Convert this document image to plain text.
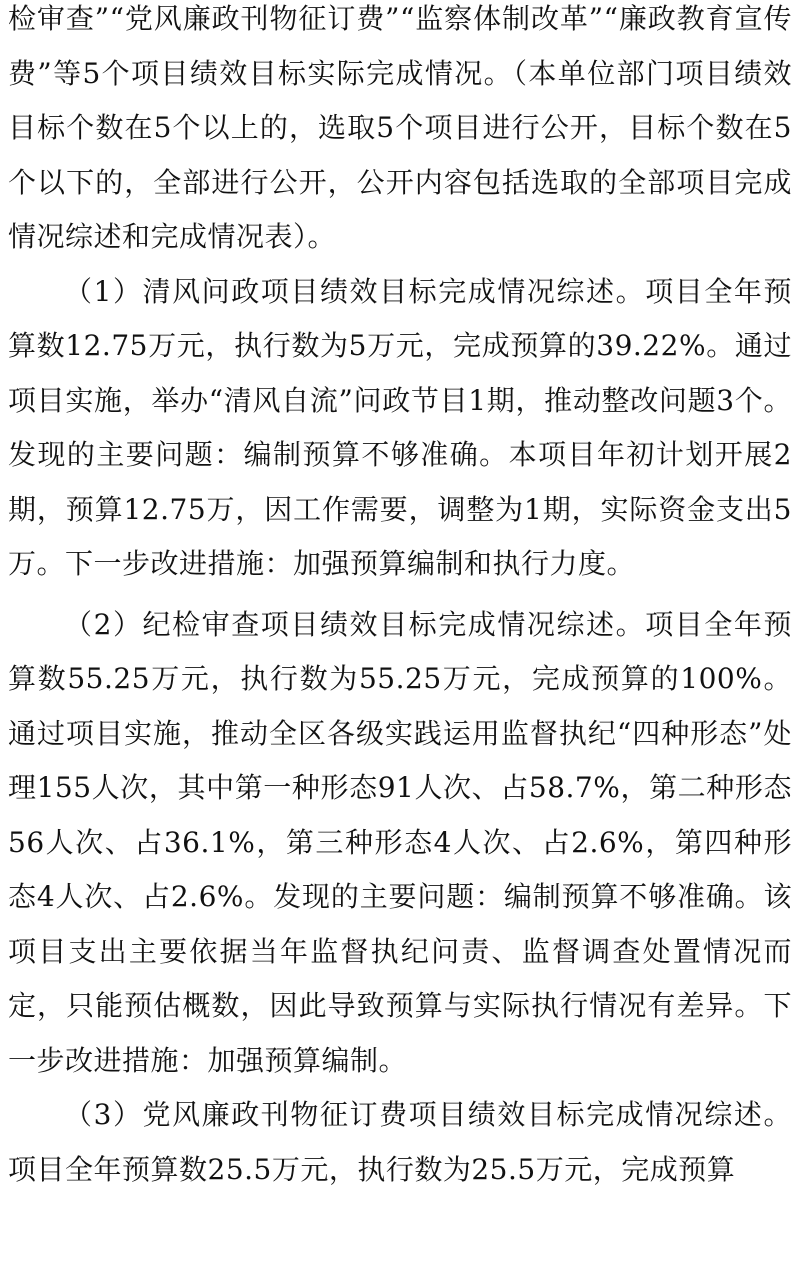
检审查”“党风廉政刊物征订费”“监察体制改革”“廉政教育宣传费”等5个项目绩效目标实际完成情况。（本单位部门项目绩效目标个数在5个以上的，选取5个项目进行公开，目标个数在5个以下的，全部进行公开，公开内容包括选取的全部项目完成情况综述和完成情况表）。

（1）清风问政项目绩效目标完成情况综述。项目全年预算数12.75万元，执行数为5万元，完成预算的39.22%。通过项目实施，举办“清风自流”问政节目1期，推动整改问题3个。发现的主要问题：编制预算不够准确。本项目年初计划开展2期，预算12.75万，因工作需要，调整为1期，实际资金支出5万。下一步改进措施：加强预算编制和执行力度。

（2）纪检审查项目绩效目标完成情况综述。项目全年预算数55.25万元，执行数为55.25万元，完成预算的100%。通过项目实施，推动全区各级实践运用监督执纪“四种形态”处理155人次，其中第一种形态91人次、占58.7%，第二种形态56人次、占36.1%，第三种形态4人次、占2.6%，第四种形态4人次、占2.6%。发现的主要问题：编制预算不够准确。该项目支出主要依据当年监督执纪问责、监督调查处置情况而定，只能预估概数，因此导致预算与实际执行情况有差异。下一步改进措施：加强预算编制。

（3）党风廉政刊物征订费项目绩效目标完成情况综述。项目全年预算数25.5万元，执行数为25.5万元，完成预算
